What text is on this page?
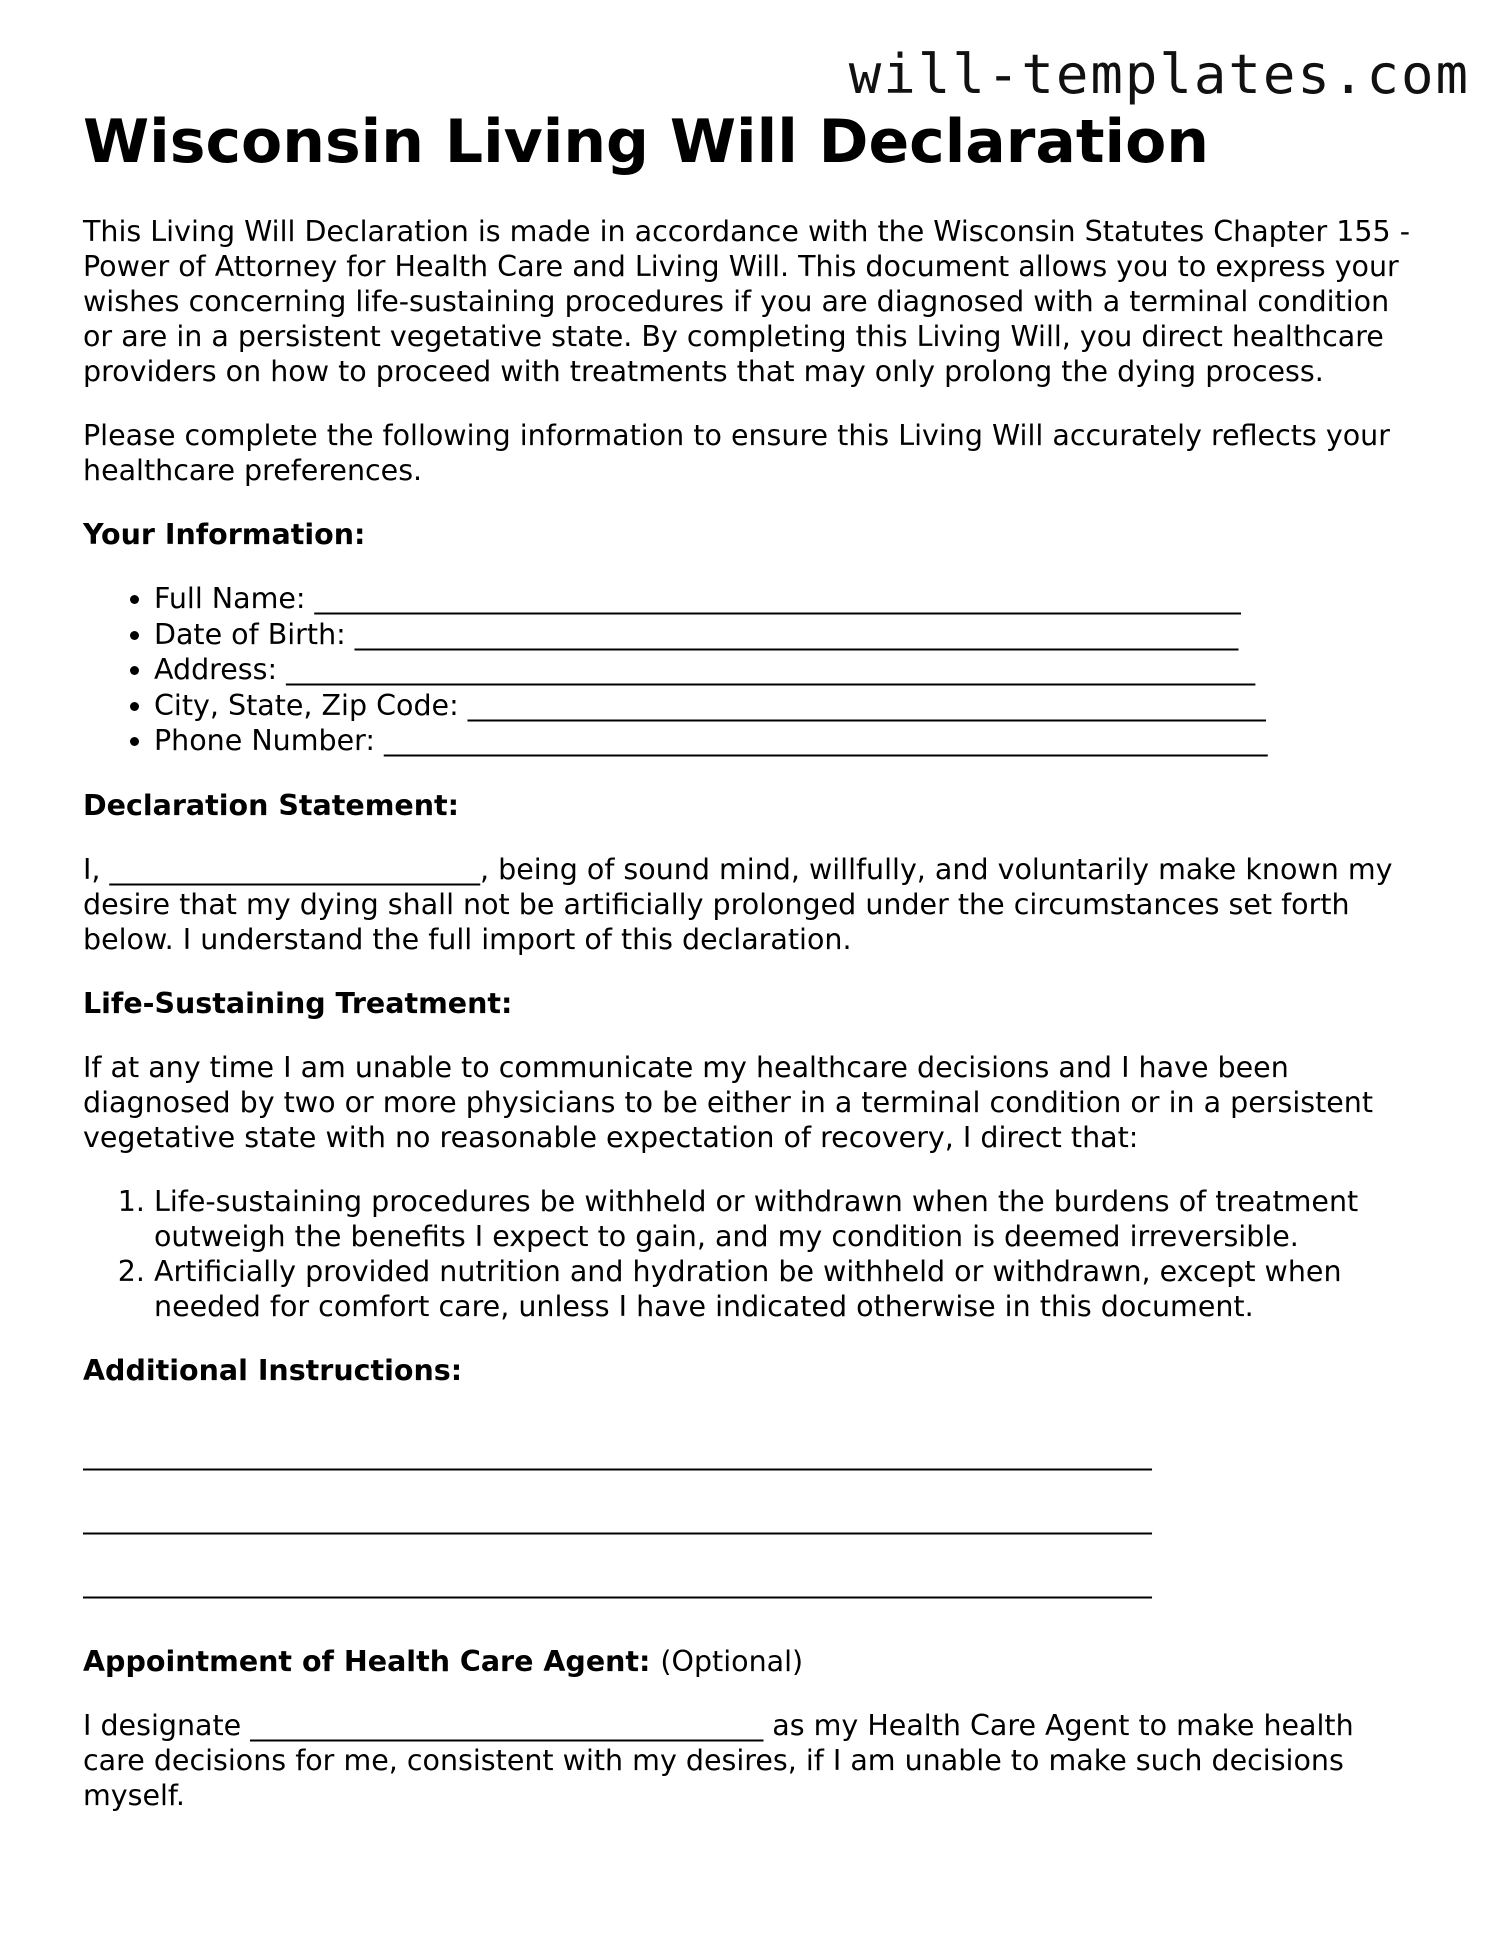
will-templates.com
Wisconsin Living Will Declaration

This Living Will Declaration is made in accordance with the Wisconsin Statutes Chapter 155 - Power of Attorney for Health Care and Living Will. This document allows you to express your wishes concerning life-sustaining procedures if you are diagnosed with a terminal condition or are in a persistent vegetative state. By completing this Living Will, you direct healthcare providers on how to proceed with treatments that may only prolong the dying process.

Please complete the following information to ensure this Living Will accurately reflects your healthcare preferences.

Your Information:
• Full Name: _________________________________________________________________
• Date of Birth: ______________________________________________________________
• Address: ____________________________________________________________________
• City, State, Zip Code: ________________________________________________________
• Phone Number: ______________________________________________________________
Declaration Statement:

I, __________________________, being of sound mind, willfully, and voluntarily make known my desire that my dying shall not be artificially prolonged under the circumstances set forth below. I understand the full import of this declaration.

Life-Sustaining Treatment:

If at any time I am unable to communicate my healthcare decisions and I have been diagnosed by two or more physicians to be either in a terminal condition or in a persistent vegetative state with no reasonable expectation of recovery, I direct that:

1. Life-sustaining procedures be withheld or withdrawn when the burdens of treatment outweigh the benefits I expect to gain, and my condition is deemed irreversible.
2. Artificially provided nutrition and hydration be withheld or withdrawn, except when needed for comfort care, unless I have indicated otherwise in this document.
Additional Instructions:
___________________________________________________________________________
___________________________________________________________________________
___________________________________________________________________________
Appointment of Health Care Agent: (Optional)

I designate ____________________________________ as my Health Care Agent to make health care decisions for me, consistent with my desires, if I am unable to make such decisions myself.
